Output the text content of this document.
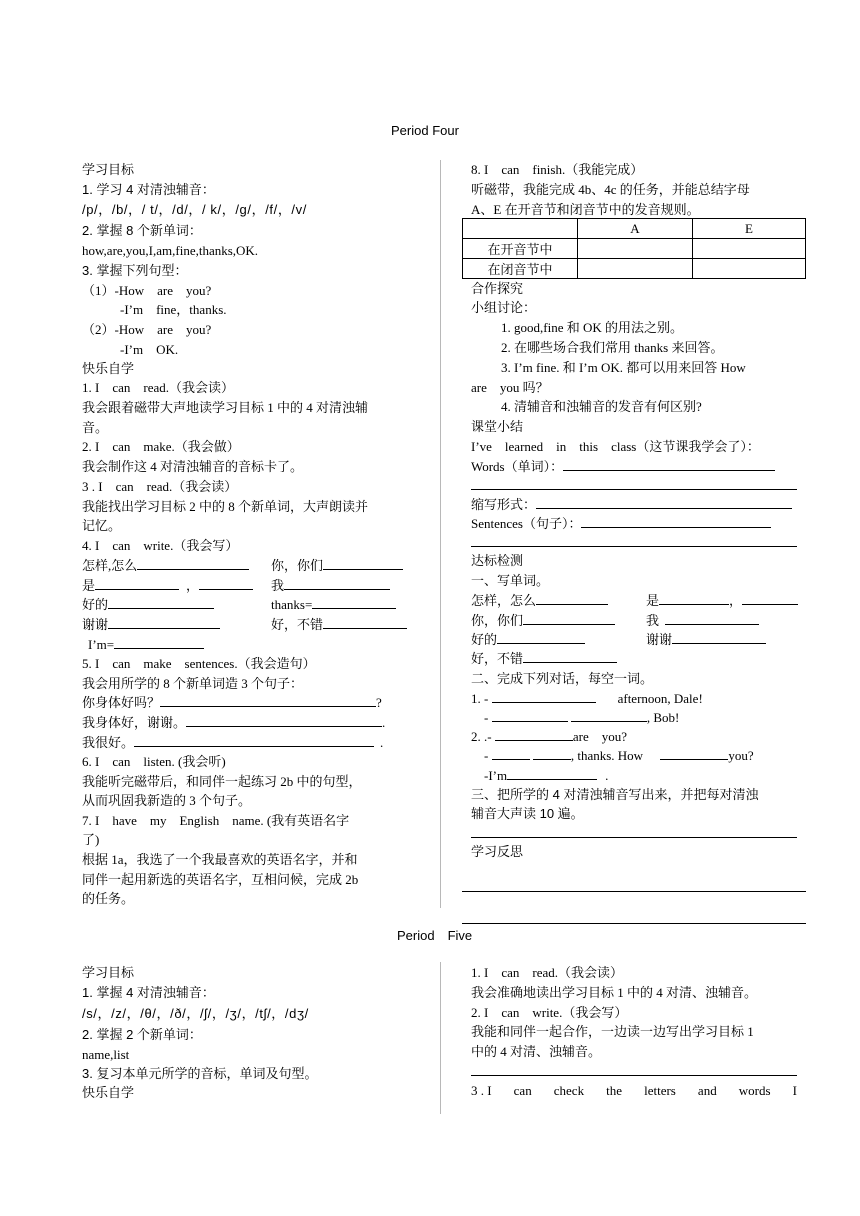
Period Four
学习目标
1. 学习 4 对清浊辅音：
/p/，/b/，/ t/，/d/，/ k/，/g/，/f/，/v/
2. 掌握 8 个新单词：
how,are,you,I,am,fine,thanks,OK.
3. 掌握下列句型：
（1）-How　are　you?
-I’m　fine，thanks.
（2）-How　are　you?
-I’m　OK.
快乐自学
1. I　can　read.（我会读）
我会跟着磁带大声地读学习目标 1 中的 4 对清浊辅
音。
2. I　can　make.（我会做）
我会制作这 4 对清浊辅音的音标卡了。
3 . I　can　read.（我会读）
我能找出学习目标 2 中的 8 个新单词，大声朗读并
记忆。
4. I　can　write.（我会写）
怎样,怎么	你，你们
是	，	我
好的	thanks=
谢谢	好，不错
I’m=
5. I　can　make　sentences.（我会造句）
我会用所学的 8 个新单词造 3 个句子：
你身体好吗？	?
我身体好，谢谢。	.
我很好。	.
6. I　can　listen. (我会听)
我能听完磁带后，和同伴一起练习 2b 中的句型，
从而巩固我新造的 3 个句子。
7. I　have　my　English　name. (我有英语名字
了)
根据 1a，我选了一个我最喜欢的英语名字，并和
同伴一起用新选的英语名字，互相问候，完成 2b
的任务。
8. I　can　finish.（我能完成）
听磁带，我能完成 4b、4c 的任务，并能总结字母
A、E 在开音节和闭音节中的发音规则。
	A	E
在开音节中		
在闭音节中		
合作探究
小组讨论：
1. good,fine 和 OK 的用法之别。
2. 在哪些场合我们常用 thanks 来回答。
3. I’m fine. 和 I’m OK. 都可以用来回答 How
are　you 吗？
4. 清辅音和浊辅音的发音有何区别?
课堂小结
I’ve　learned　in　this　class（这节课我学会了）：
Words（单词）：
缩写形式：
Sentences（句子）：
达标检测
一、写单词。
怎样，怎么	是	，
你，你们	我
好的	谢谢
好，不错
二、完成下列对话，每空一词。
1. -	afternoon, Dale!
-	, Bob!
2. .-	are　you?
-	, thanks. How	you?
-I’m	.
三、把所学的 4 对清浊辅音写出来，并把每对清浊
辅音大声读 10 遍。
学习反思
Period　Five
学习目标
1. 掌握 4 对清浊辅音：
/s/，/z/，/θ/，/ð/，/ʃ/，/ʒ/，/tʃ/，/dʒ/
2. 掌握 2 个新单词：
name,list
3. 复习本单元所学的音标，单词及句型。
快乐自学
1. I　can　read.（我会读）
我会准确地读出学习目标 1 中的 4 对清、浊辅音。
2. I　can　write.（我会写）
我能和同伴一起合作，一边读一边写出学习目标 1
中的 4 对清、浊辅音。
3 . I can check the letters and words I
